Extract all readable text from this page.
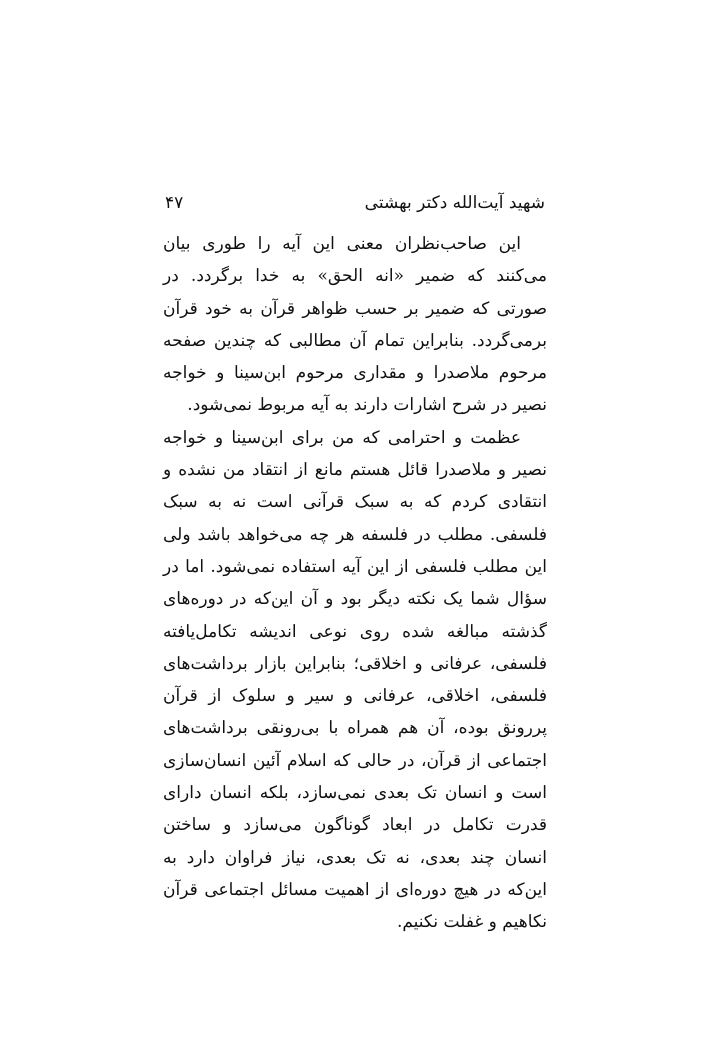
شهید آیت‌الله دکتر بهشتی
۴۷

این صاحب‌نظران معنی این آیه را طوری بیان می‌کنند که ضمیر «انه الحق» به خدا برگردد. در صورتی که ضمیر بر حسب ظواهر قرآن به خود قرآن برمی‌گردد. بنابراین تمام آن مطالبی که چندین صفحه مرحوم ملاصدرا و مقداری مرحوم ابن‌سینا و خواجه نصیر در شرح اشارات دارند به آیه مربوط نمی‌شود.

عظمت و احترامی که من برای ابن‌سینا و خواجه نصیر و ملاصدرا قائل هستم مانع از انتقاد من نشده و انتقادی کردم که به سبک قرآنی است نه به سبک فلسفی. مطلب در فلسفه هر چه می‌خواهد باشد ولی این مطلب فلسفی از این آیه استفاده نمی‌شود. اما در سؤال شما یک نکته دیگر بود و آن این‌که در دوره‌های گذشته مبالغه شده روی نوعی اندیشه تکامل‌یافته فلسفی، عرفانی و اخلاقی؛ بنابراین بازار برداشت‌های فلسفی، اخلاقی، عرفانی و سیر و سلوک از قرآن پررونق بوده، آن هم همراه با بی‌رونقی برداشت‌های اجتماعی از قرآن، در حالی که اسلام آئین انسان‌سازی است و انسان تک بعدی نمی‌سازد، بلکه انسان دارای قدرت تکامل در ابعاد گوناگون می‌سازد و ساختن انسان چند بعدی، نه تک بعدی، نیاز فراوان دارد به این‌که در هیچ دوره‌ای از اهمیت مسائل اجتماعی قرآن نکاهیم و غفلت نکنیم.
